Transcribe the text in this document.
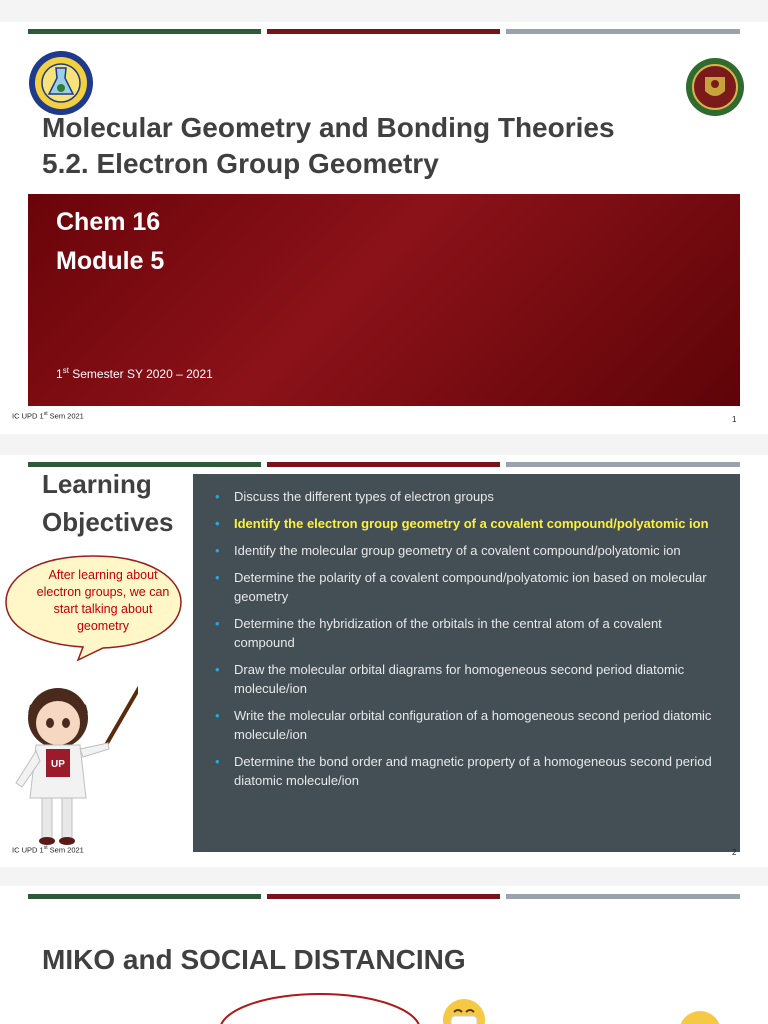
Molecular Geometry and Bonding Theories
5.2. Electron Group Geometry
Chem 16
Module 5
1st Semester SY 2020 – 2021
IC UPD 1st Sem 2021	1
Learning
Objectives
After learning about electron groups, we can start talking about geometry
UP
• Discuss the different types of electron groups
• Identify the electron group geometry of a covalent compound/polyatomic ion
• Identify the molecular group geometry of a covalent compound/polyatomic ion
• Determine the polarity of a covalent compound/polyatomic ion based on molecular geometry
• Determine the hybridization of the orbitals in the central atom of a covalent compound
• Draw the molecular orbital diagrams for homogeneous second period diatomic molecule/ion
• Write the molecular orbital configuration of a homogeneous second period diatomic molecule/ion
• Determine the bond order and magnetic property of a homogeneous second period diatomic molecule/ion
IC UPD 1st Sem 2021	2
MIKO and SOCIAL DISTANCING
